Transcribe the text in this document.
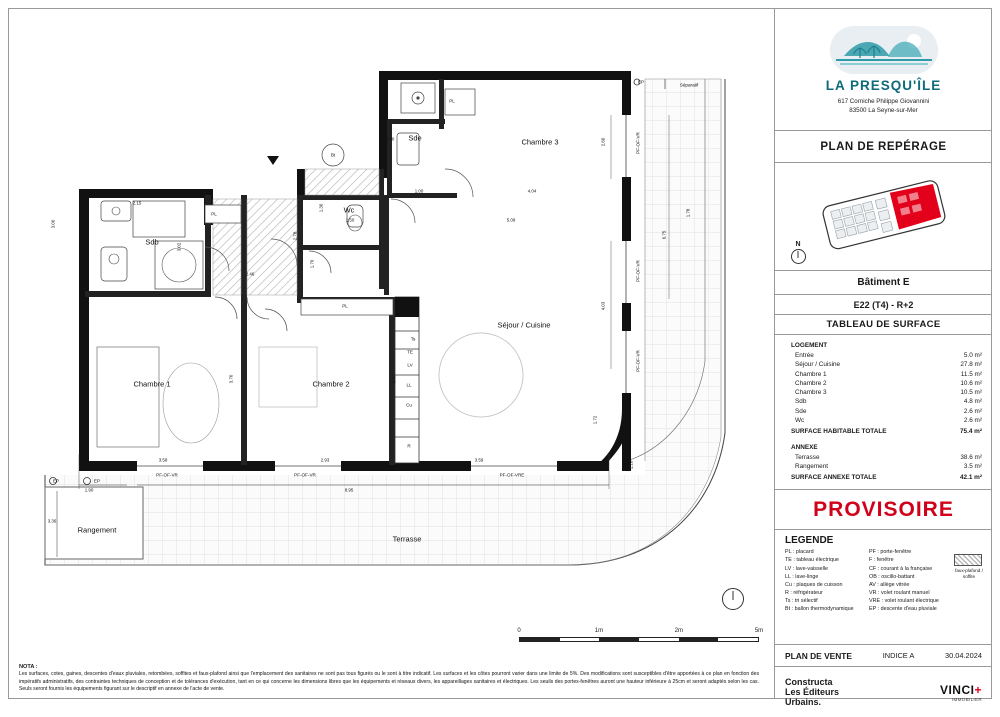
Chambre 3
Sde
Wc
Sdb
Chambre 1	Chambre 2
Séjour / Cuisine
Terrasse
Rangement
PL
PL
PL
Bt
TE
LV
LL
Cu
R
Ts
Séparatif
EP
EP	EP
PF-OF-VR	PF-OF-VR	PF-OF-VRE
PF-OF-VR
PF-OF-VR
PF-OF-VR
2.15
2.46
1.50
1.00
0.90
2.78
1.30
1.70
3.02
2.60
1.78
6.75
4.04
5.09
4.03
1.72
1.16
3.70	3.47
3.58	2.93	3.59
1.90	8.95
3.36
3.00
0	1m	2m	5m
NOTA :
Les surfaces, cotes, gaines, descentes d'eaux pluviales, retombées, soffites et faux-plafond ainsi que l'emplacement des sanitaires ne sont pas tous figurés ou le sont à titre indicatif. Les surfaces et les côtes pourront varier dans une limite de 5%. Des modifications sont susceptibles d'être apportées à ce plan en fonction des impératifs administratifs, des contraintes techniques de conception et de tolérances d'exécution, tant en ce qui concerne les dimensions libres que les équipements et réseaux divers, les appareillages sanitaires et électriques. Les seuils des portes-fenêtres auront une hauteur inférieure à 25cm et seront adaptés selon les cas. Seuls seront fournis les équipements figurant sur le descriptif en annexe de l'acte de vente.
LA PRESQU'ÎLE
617 Corniche Philippe Giovannini
83500 La Seyne-sur-Mer
PLAN DE REPÉRAGE
N
Bâtiment E
E22 (T4) - R+2
TABLEAU DE SURFACE
LOGEMENT
Entrée	5.0 m²
Séjour / Cuisine	27.8 m²
Chambre 1	11.5 m²
Chambre 2	10.6 m²
Chambre 3	10.5 m²
Sdb	4.8 m²
Sde	2.6 m²
Wc	2.6 m²
SURFACE HABITABLE TOTALE	75.4 m²
ANNEXE
Terrasse	38.6 m²
Rangement	3.5 m²
SURFACE ANNEXE TOTALE	42.1 m²
PROVISOIRE
LEGENDE
PL : placard
TE : tableau électrique
LV : lave-vaisselle
LL : lave-linge
Cu : plaques de cuisson
R : réfrigérateur
Ts : tri sélectif
Bt : ballon thermodynamique
PF : porte-fenêtre
F : fenêtre
CF : courant à la française
OB : oscillo-battant
AV : allège vitrée
VR : volet roulant manuel
VRE : volet roulant électrique
EP : descente d'eau pluviale
faux-plafond / soffite
PLAN DE VENTE	INDICE A	30.04.2024
Constructa
Les Éditeurs
Urbains.
VINCI+
IMMOBILIER
